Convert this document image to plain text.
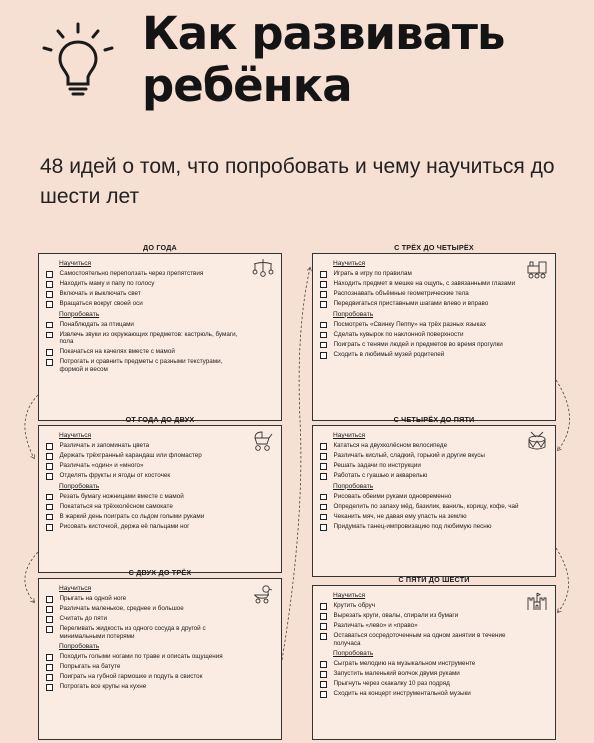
Как развивать
ребёнка

48 идей о том, что попробовать и чему научиться до шести лет

ДО ГОДА
Научиться
Самостоятельно переползать через препятствия
Находить маму и папу по голосу
Включать и выключать свет
Вращаться вокруг своей оси
Попробовать
Понаблюдать за птицами
Извлечь звуки из окружающих предметов: кастрюль, бумаги, пола
Покачаться на качелях вместе с мамой
Потрогать и сравнить предметы с разными текстурами, формой и весом
ОТ ГОДА ДО ДВУХ
Научиться
Различать и запоминать цвета
Держать трёхгранный карандаш или фломастер
Различать «один» и «много»
Отделять фрукты и ягоды от косточек
Попробовать
Резать бумагу ножницами вместе с мамой
Покататься на трёхколёсном самокате
В жаркий день поиграть со льдом голыми руками
Рисовать кисточкой, держа её пальцами ног
С ДВУХ ДО ТРЁХ
Научиться
Прыгать на одной ноге
Различать маленькое, среднее и большое
Считать до пяти
Переливать жидкость из одного сосуда в другой с минимальными потерями
Попробовать
Походить голыми ногами по траве и описать ощущения
Попрыгать на батуте
Поиграть на губной гармошке и подуть в свисток
Потрогать все крупы на кухне
С ТРЁХ ДО ЧЕТЫРЁХ
Научиться
Играть в игру по правилам
Находить предмет в мешке на ощупь, с завязанными глазами
Распознавать объёмные геометрические тела
Передвигаться приставными шагами влево и вправо
Попробовать
Посмотреть «Свинку Пеппу» на трёх разных языках
Сделать кувырок по наклонной поверхности
Поиграть с тенями людей и предметов во время прогулки
Сходить в любимый музей родителей
С ЧЕТЫРЁХ ДО ПЯТИ
Научиться
Кататься на двухколёсном велосипеде
Различать кислый, сладкий, горький и другие вкусы
Решать задачи по инструкции
Работать с гуашью и акварелью
Попробовать
Рисовать обеими руками одновременно
Определить по запаху мёд, базилик, ваниль, корицу, кофе, чай
Чеканить мяч, не давая ему упасть на землю
Придумать танец-импровизацию под любимую песню
С ПЯТИ ДО ШЕСТИ
Научиться
Крутить обруч
Вырезать круги, овалы, спирали из бумаги
Различать «лево» и «право»
Оставаться сосредоточенным на одном занятии в течение получаса
Попробовать
Сыграть мелодию на музыкальном инструменте
Запустить маленький волчок двумя руками
Прыгнуть через скакалку 10 раз подряд
Сходить на концерт инструментальной музыки
